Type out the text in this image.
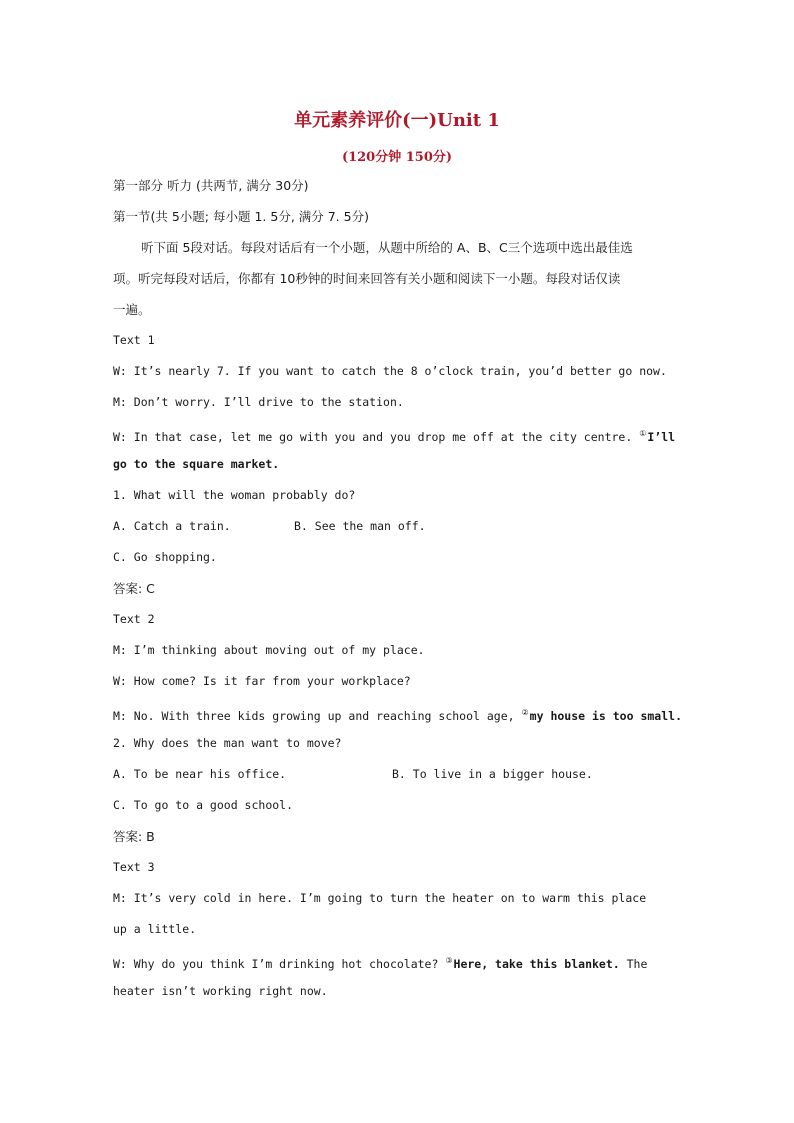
单元素养评价(一)Unit 1
(120分钟 150分)
第一部分 听力 (共两节, 满分 30分)
第一节(共 5小题; 每小题 1. 5分, 满分 7. 5分)
听下面 5段对话。每段对话后有一个小题，从题中所给的 A、B、C三个选项中选出最佳选
项。听完每段对话后，你都有 10秒钟的时间来回答有关小题和阅读下一小题。每段对话仅读
一遍。
Text 1
W: It’s nearly 7. If you want to catch the 8 o’clock train, you’d better go now.
M: Don’t worry. I’ll drive to the station.
W: In that case, let me go with you and you drop me off at the city centre. ①I’ll
go to the square market.
1. What will the woman probably do?
A. Catch a train.	B. See the man off.
C. Go shopping.
答案: C
Text 2
M: I’m thinking about moving out of my place.
W: How come? Is it far from your workplace?
M: No. With three kids growing up and reaching school age, ②my house is too small.
2. Why does the man want to move?
A. To be near his office.	B. To live in a bigger house.
C. To go to a good school.
答案: B
Text 3
M: It’s very cold in here. I’m going to turn the heater on to warm this place
up a little.
W: Why do you think I’m drinking hot chocolate? ③Here, take this blanket. The
heater isn’t working right now.
